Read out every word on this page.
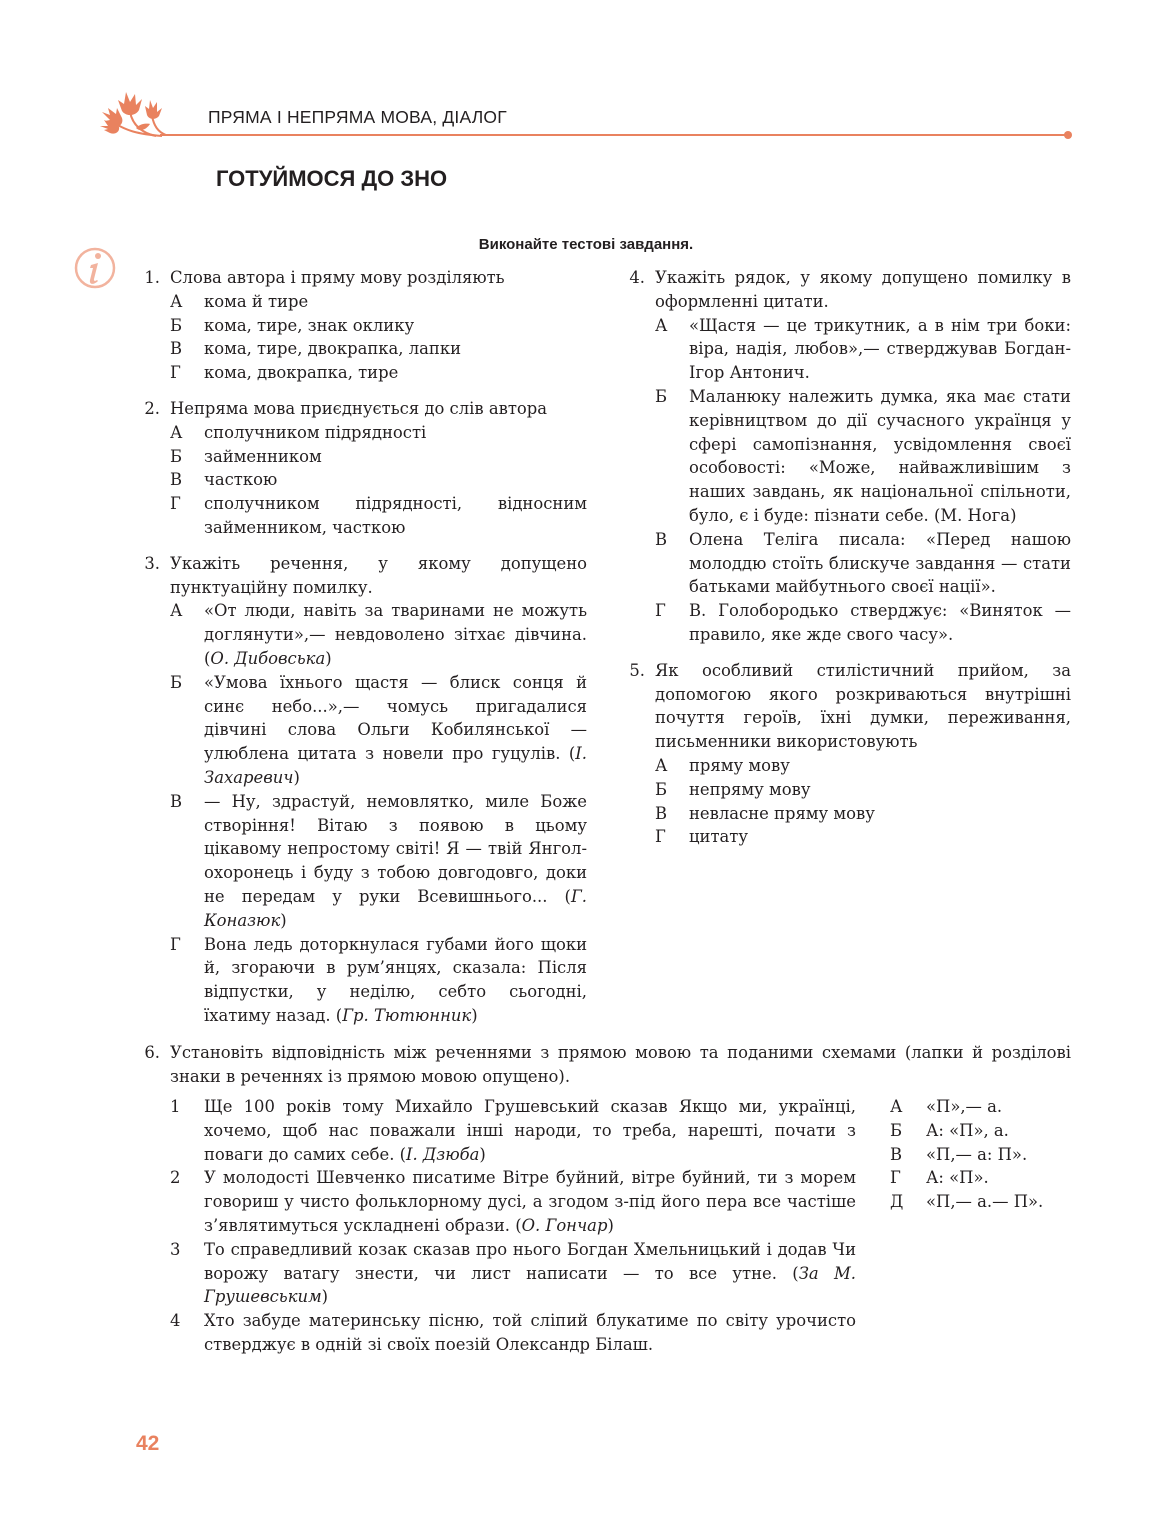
ПРЯМА І НЕПРЯМА МОВА, ДІАЛОГ
ГОТУЙМОСЯ ДО ЗНО
Виконайте тестові завдання.
1. Слова автора і пряму мову розділяють
А кома й тире
Б кома, тире, знак оклику
В кома, тире, двокрапка, лапки
Г кома, двокрапка, тире
2. Непряма мова приєднується до слів автора
А сполучником підрядності
Б займенником
В часткою
Г сполучником підрядності, відносним займенником, часткою
3. Укажіть речення, у якому допущено пунктуаційну помилку.
А «От люди, навіть за тваринами не можуть доглянути»,— невдоволено зітхає дівчина. (О. Дибовська)
Б «Умова їхнього щастя — блиск сонця й синє небо...»,— чомусь пригадалися дівчині слова Ольги Кобилянської — улюблена цитата з новели про гуцулів. (І. Захаревич)
В — Ну, здрастуй, немовлятко, миле Боже створіння! Вітаю з появою в цьому цікавому непростому світі! Я — твій Янгол-охоронець і буду з тобою довгодовго, доки не передам у руки Всевишнього... (Г. Коназюк)
Г Вона ледь доторкнулася губами його щоки й, згораючи в рум’янцях, сказала: Після відпустки, у неділю, себто сьогодні, їхатиму назад. (Гр. Тютюнник)
4. Укажіть рядок, у якому допущено помилку в оформленні цитати.
А «Щастя — це трикутник, а в нім три боки: віра, надія, любов»,— стверджував Богдан-Ігор Антонич.
Б Маланюку належить думка, яка має стати керівництвом до дії сучасного українця у сфері самопізнання, усвідомлення своєї особовості: «Може, найважливішим з наших завдань, як національної спільноти, було, є і буде: пізнати себе. (М. Нога)
В Олена Теліга писала: «Перед нашою молоддю стоїть блискуче завдання — стати батьками майбутнього своєї нації».
Г В. Голобородько стверджує: «Виняток — правило, яке жде свого часу».
5. Як особливий стилістичний прийом, за допомогою якого розкриваються внутрішні почуття героїв, їхні думки, переживання, письменники використовують
А пряму мову
Б непряму мову
В невласне пряму мову
Г цитату
6. Установіть відповідність між реченнями з прямою мовою та поданими схемами (лапки й розділові знаки в реченнях із прямою мовою опущено).
1 Ще 100 років тому Михайло Грушевський сказав Якщо ми, українці, хочемо, щоб нас поважали інші народи, то треба, нарешті, почати з поваги до самих себе. (І. Дзюба)
2 У молодості Шевченко писатиме Вітре буйний, вітре буйний, ти з морем говориш у чисто фольклорному дусі, а згодом з-під його пера все частіше з’являтимуться ускладнені образи. (О. Гончар)
3 То справедливий козак сказав про нього Богдан Хмельницький і додав Чи ворожу ватагу знести, чи лист написати — то все утне. (За М. Грушевським)
4 Хто забуде материнську пісню, той сліпий блукатиме по світу урочисто стверджує в одній зі своїх поезій Олександр Білаш.
А «П»,— а.
Б А: «П», а.
В «П,— а: П».
Г А: «П».
Д «П,— а.— П».
42
